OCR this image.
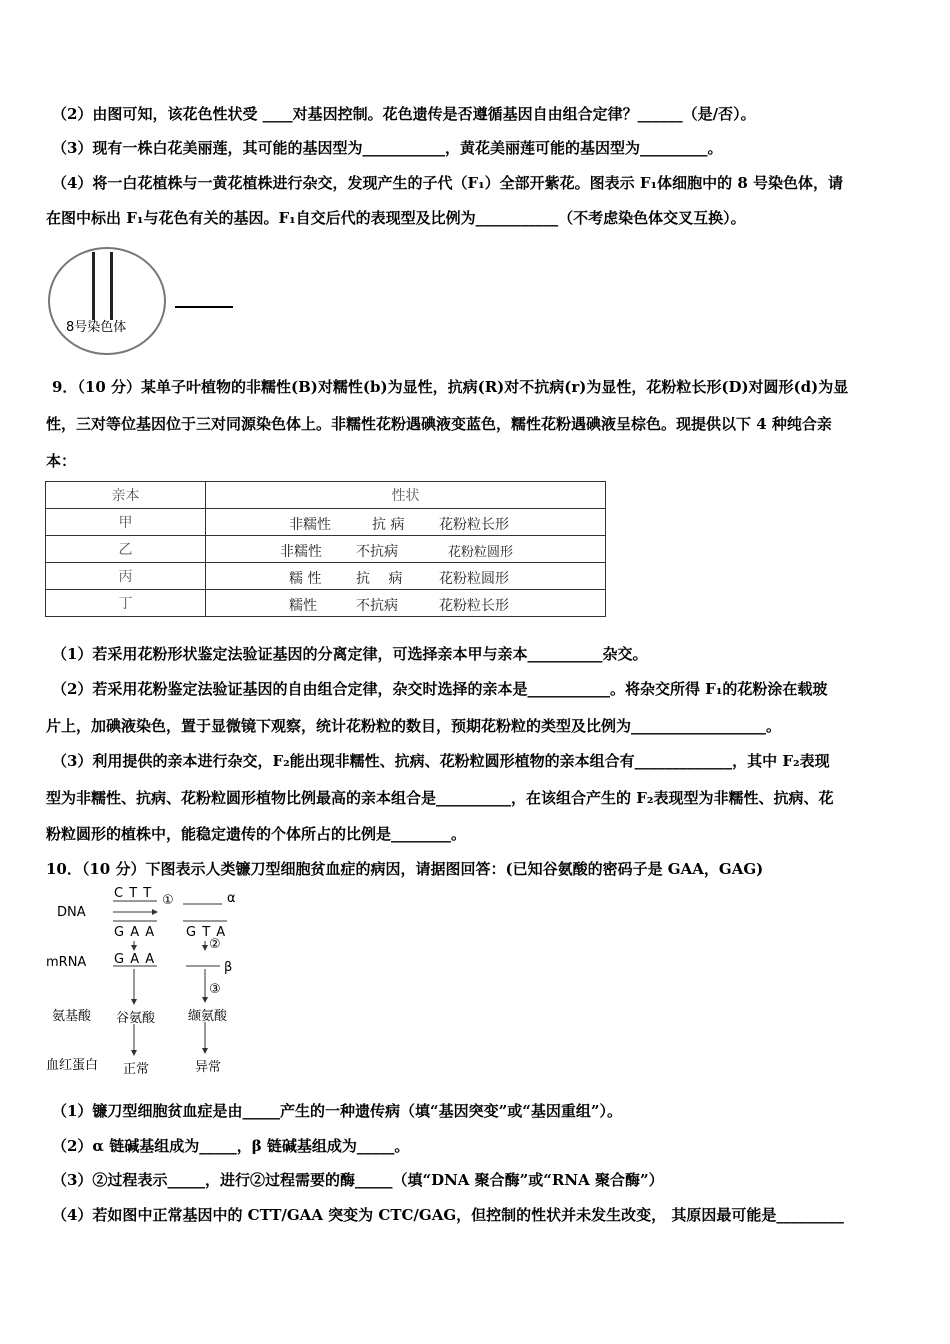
（2）由图可知，该花色性状受 ____对基因控制。花色遗传是否遵循基因自由组合定律？______（是/否）。
（3）现有一株白花美丽莲，其可能的基因型为___________，黄花美丽莲可能的基因型为_________。
（4）将一白花植株与一黄花植株进行杂交，发现产生的子代（F₁）全部开紫花。图表示 F₁体细胞中的 8 号染色体，请
在图中标出 F₁与花色有关的基因。F₁自交后代的表现型及比例为___________（不考虑染色体交叉互换）。
8号染色体
9．（10 分）某单子叶植物的非糯性(B)对糯性(b)为显性，抗病(R)对不抗病(r)为显性，花粉粒长形(D)对圆形(d)为显
性，三对等位基因位于三对同源染色体上。非糯性花粉遇碘液变蓝色，糯性花粉遇碘液呈棕色。现提供以下 4 种纯合亲
本：
亲本	性状
甲	非糯性 抗 病 花粉粒长形

乙	非糯性 不抗病 花粉粒圆形

丙	糯 性 抗　 病 花粉粒圆形

丁	糯性 不抗病 花粉粒长形
（1）若采用花粉形状鉴定法验证基因的分离定律，可选择亲本甲与亲本__________杂交。
（2）若采用花粉鉴定法验证基因的自由组合定律，杂交时选择的亲本是___________。将杂交所得 F₁的花粉涂在载玻
片上，加碘液染色，置于显微镜下观察，统计花粉粒的数目，预期花粉粒的类型及比例为__________________。
（3）利用提供的亲本进行杂交，F₂能出现非糯性、抗病、花粉粒圆形植物的亲本组合有_____________，其中 F₂表现
型为非糯性、抗病、花粉粒圆形植物比例最高的亲本组合是__________，在该组合产生的 F₂表现型为非糯性、抗病、花
粉粒圆形的植株中，能稳定遗传的个体所占的比例是________。
10．（10 分）下图表示人类镰刀型细胞贫血症的病因，请据图回答：(已知谷氨酸的密码子是 GAA，GAG)
DNA
mRNA
氨基酸
血红蛋白
C T T
G A A G T A
G A A
①
②
③
α
β
谷氨酸	缬氨酸
正常	异常
（1）镰刀型细胞贫血症是由_____产生的一种遗传病（填“基因突变”或“基因重组”）。
（2）α 链碱基组成为_____，β 链碱基组成为_____。
（3）②过程表示_____，进行②过程需要的酶_____（填“DNA 聚合酶”或“RNA 聚合酶”）
（4）若如图中正常基因中的 CTT/GAA 突变为 CTC/GAG，但控制的性状并未发生改变， 其原因最可能是_________
